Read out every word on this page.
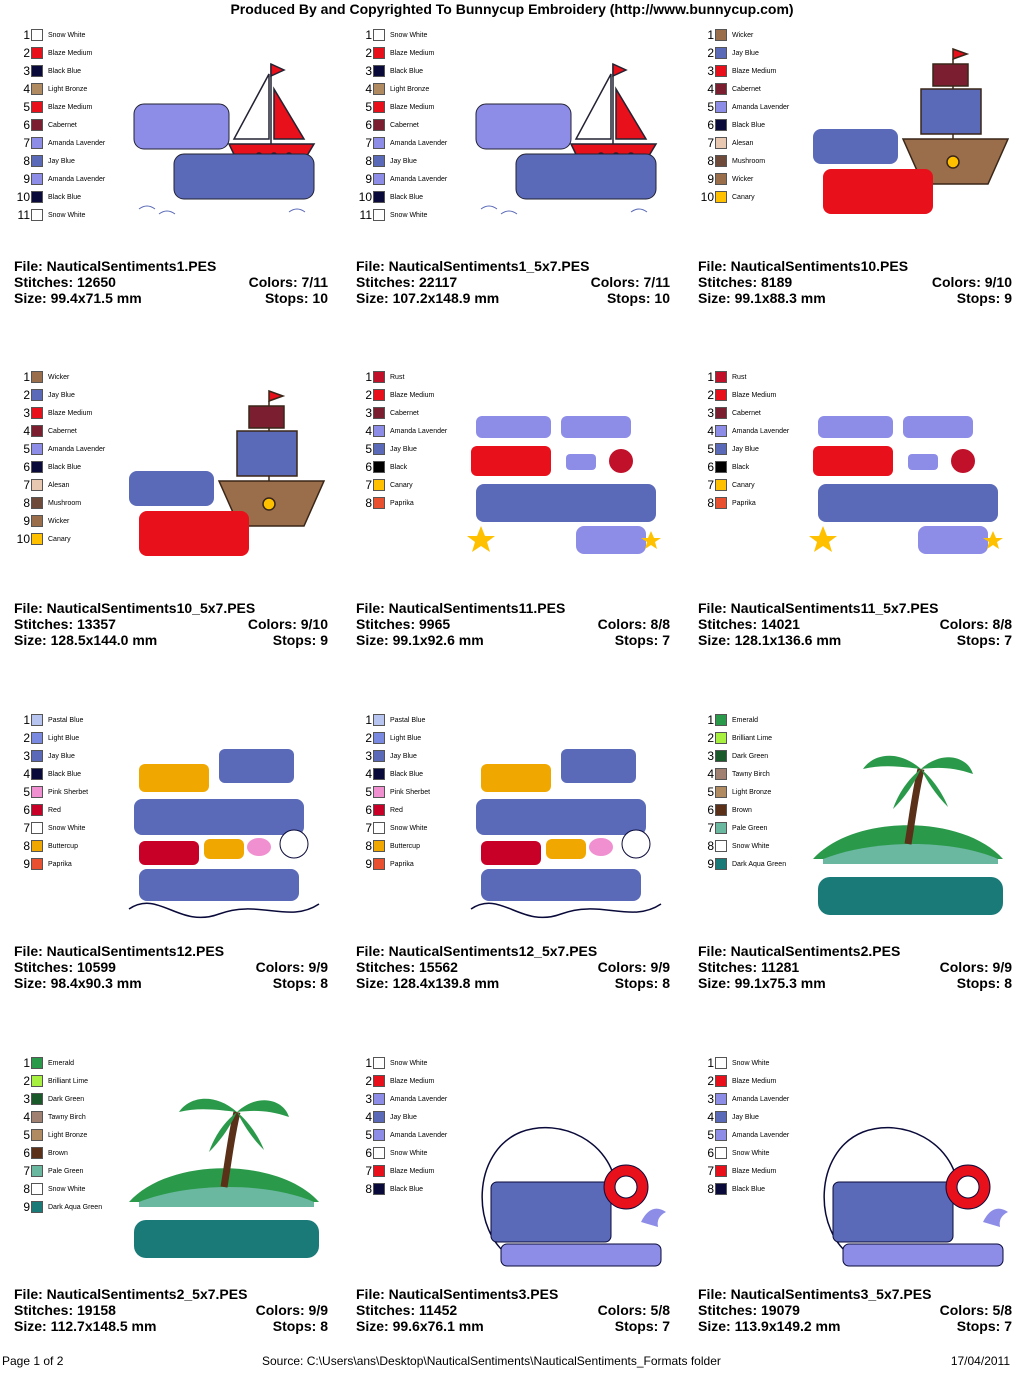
Produced By and Copyrighted To Bunnycup Embroidery (http://www.bunnycup.com)
1	Snow White
2	Blaze Medium
3	Black Blue
4	Light Bronze
5	Blaze Medium
6	Cabernet
7	Amanda Lavender
8	Jay Blue
9	Amanda Lavender
10	Black Blue
11	Snow White
File: NauticalSentiments1.PES
Stitches: 12650	Colors: 7/11
Size: 99.4x71.5 mm	Stops: 10
1	Snow White
2	Blaze Medium
3	Black Blue
4	Light Bronze
5	Blaze Medium
6	Cabernet
7	Amanda Lavender
8	Jay Blue
9	Amanda Lavender
10	Black Blue
11	Snow White
File: NauticalSentiments1_5x7.PES
Stitches: 22117	Colors: 7/11
Size: 107.2x148.9 mm	Stops: 10
1	Wicker
2	Jay Blue
3	Blaze Medium
4	Cabernet
5	Amanda Lavender
6	Black Blue
7	Alesan
8	Mushroom
9	Wicker
10	Canary
File: NauticalSentiments10.PES
Stitches: 8189	Colors: 9/10
Size: 99.1x88.3 mm	Stops: 9
1	Wicker
2	Jay Blue
3	Blaze Medium
4	Cabernet
5	Amanda Lavender
6	Black Blue
7	Alesan
8	Mushroom
9	Wicker
10	Canary
File: NauticalSentiments10_5x7.PES
Stitches: 13357	Colors: 9/10
Size: 128.5x144.0 mm	Stops: 9
1	Rust
2	Blaze Medium
3	Cabernet
4	Amanda Lavender
5	Jay Blue
6	Black
7	Canary
8	Paprika
File: NauticalSentiments11.PES
Stitches: 9965	Colors: 8/8
Size: 99.1x92.6 mm	Stops: 7
1	Rust
2	Blaze Medium
3	Cabernet
4	Amanda Lavender
5	Jay Blue
6	Black
7	Canary
8	Paprika
File: NauticalSentiments11_5x7.PES
Stitches: 14021	Colors: 8/8
Size: 128.1x136.6 mm	Stops: 7
1	Pastal Blue
2	Light Blue
3	Jay Blue
4	Black Blue
5	Pink Sherbet
6	Red
7	Snow White
8	Buttercup
9	Paprika
File: NauticalSentiments12.PES
Stitches: 10599	Colors: 9/9
Size: 98.4x90.3 mm	Stops: 8
1	Pastal Blue
2	Light Blue
3	Jay Blue
4	Black Blue
5	Pink Sherbet
6	Red
7	Snow White
8	Buttercup
9	Paprika
File: NauticalSentiments12_5x7.PES
Stitches: 15562	Colors: 9/9
Size: 128.4x139.8 mm	Stops: 8
1	Emerald
2	Brilliant Lime
3	Dark Green
4	Tawny Birch
5	Light Bronze
6	Brown
7	Pale Green
8	Snow White
9	Dark Aqua Green
File: NauticalSentiments2.PES
Stitches: 11281	Colors: 9/9
Size: 99.1x75.3 mm	Stops: 8
1	Emerald
2	Brilliant Lime
3	Dark Green
4	Tawny Birch
5	Light Bronze
6	Brown
7	Pale Green
8	Snow White
9	Dark Aqua Green
File: NauticalSentiments2_5x7.PES
Stitches: 19158	Colors: 9/9
Size: 112.7x148.5 mm	Stops: 8
1	Snow White
2	Blaze Medium
3	Amanda Lavender
4	Jay Blue
5	Amanda Lavender
6	Snow White
7	Blaze Medium
8	Black Blue
File: NauticalSentiments3.PES
Stitches: 11452	Colors: 5/8
Size: 99.6x76.1 mm	Stops: 7
1	Snow White
2	Blaze Medium
3	Amanda Lavender
4	Jay Blue
5	Amanda Lavender
6	Snow White
7	Blaze Medium
8	Black Blue
File: NauticalSentiments3_5x7.PES
Stitches: 19079	Colors: 5/8
Size: 113.9x149.2 mm	Stops: 7
Page 1 of 2	Source: C:\Users\ans\Desktop\NauticalSentiments\NauticalSentiments_Formats folder	17/04/2011
